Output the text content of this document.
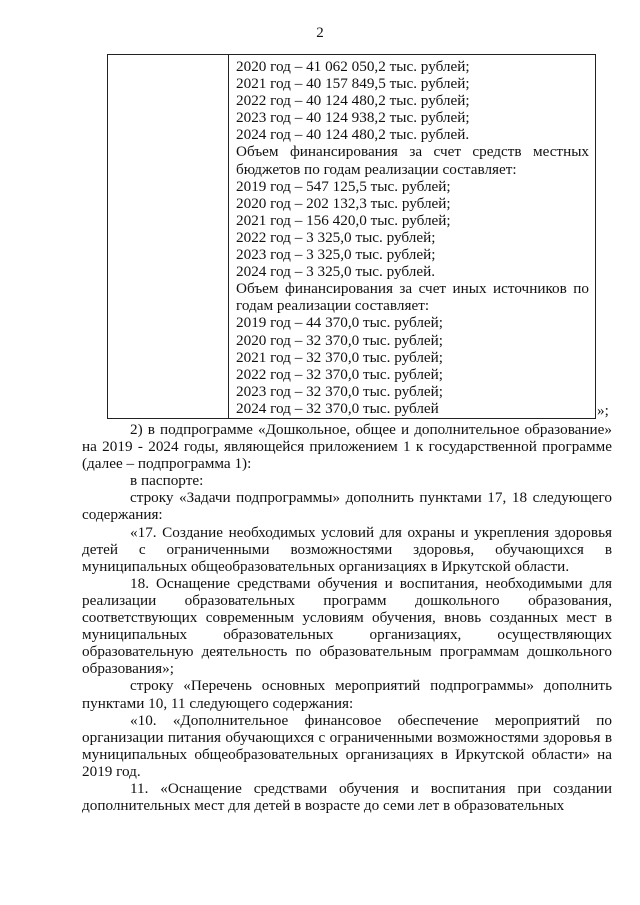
2
2020 год – 41 062 050,2 тыс. рублей;
2021 год – 40 157 849,5 тыс. рублей;
2022 год – 40 124 480,2 тыс. рублей;
2023 год – 40 124 938,2 тыс. рублей;
2024 год – 40 124 480,2 тыс. рублей.
Объем финансирования за счет средств местных
бюджетов по годам реализации составляет:
2019 год – 547 125,5 тыс. рублей;
2020 год – 202 132,3 тыс. рублей;
2021 год – 156 420,0 тыс. рублей;
2022 год – 3 325,0 тыс. рублей;
2023 год – 3 325,0 тыс. рублей;
2024 год – 3 325,0 тыс. рублей.
Объем финансирования за счет иных источников по
годам реализации составляет:
2019 год – 44 370,0 тыс. рублей;
2020 год – 32 370,0 тыс. рублей;
2021 год – 32 370,0 тыс. рублей;
2022 год – 32 370,0 тыс. рублей;
2023 год – 32 370,0 тыс. рублей;
2024 год – 32 370,0 тыс. рублей	»;

2) в подпрограмме «Дошкольное, общее и дополнительное образование» на 2019 - 2024 годы, являющейся приложением 1 к государственной программе (далее – подпрограмма 1):

в паспорте:

строку «Задачи подпрограммы» дополнить пунктами 17, 18 следующего содержания:

«17. Создание необходимых условий для охраны и укрепления здоровья детей с ограниченными возможностями здоровья, обучающихся в муниципальных общеобразовательных организациях в Иркутской области.

18. Оснащение средствами обучения и воспитания, необходимыми для реализации образовательных программ дошкольного образования, соответствующих современным условиям обучения, вновь созданных мест в муниципальных образовательных организациях, осуществляющих образовательную деятельность по образовательным программам дошкольного образования»;

строку «Перечень основных мероприятий подпрограммы» дополнить пунктами 10, 11 следующего содержания:

«10. «Дополнительное финансовое обеспечение мероприятий по организации питания обучающихся с ограниченными возможностями здоровья в муниципальных общеобразовательных организациях в Иркутской области» на 2019 год.

11. «Оснащение средствами обучения и воспитания при создании дополнительных мест для детей в возрасте до семи лет в образовательных
